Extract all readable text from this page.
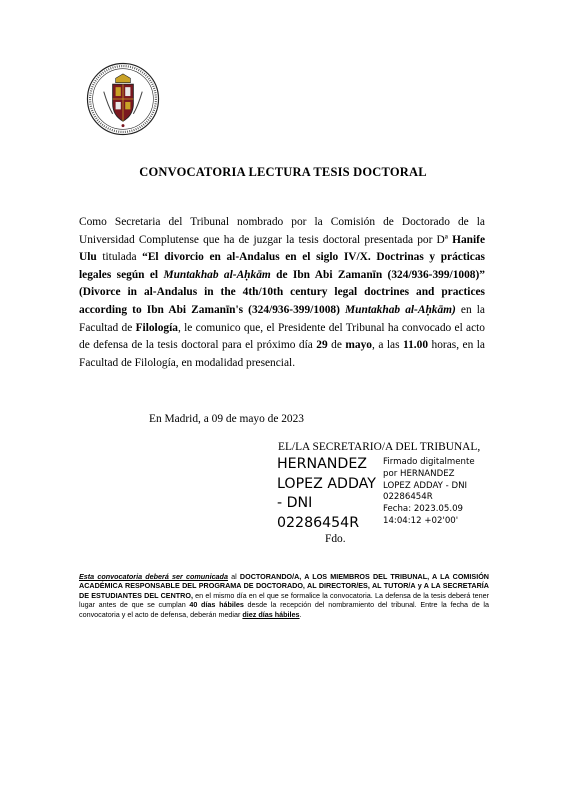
CONVOCATORIA LECTURA TESIS DOCTORAL
Como Secretaria del Tribunal nombrado por la Comisión de Doctorado de la Universidad Complutense que ha de juzgar la tesis doctoral presentada por Dª Hanife Ulu titulada “El divorcio en al-Andalus en el siglo IV/X. Doctrinas y prácticas legales según el Muntakhab al-Aḥkām de Ibn Abi Zamanīn (324/936-399/1008)” (Divorce in al-Andalus in the 4th/10th century legal doctrines and practices according to Ibn Abi Zamanīn's (324/936-399/1008) Muntakhab al-Aḥkām) en la Facultad de Filología, le comunico que, el Presidente del Tribunal ha convocado el acto de defensa de la tesis doctoral para el próximo día 29 de mayo, a las 11.00 horas, en la Facultad de Filología, en modalidad presencial.
En Madrid, a 09 de mayo de 2023
EL/LA SECRETARIO/A DEL TRIBUNAL,
HERNANDEZ
LOPEZ ADDAY
- DNI
02286454R
Firmado digitalmente
por HERNANDEZ
LOPEZ ADDAY - DNI
02286454R
Fecha: 2023.05.09
14:04:12 +02'00'
Fdo.
Esta convocatoria deberá ser comunicada al DOCTORANDO/A, A LOS MIEMBROS DEL TRIBUNAL, A LA COMISIÓN ACADÉMICA RESPONSABLE DEL PROGRAMA DE DOCTORADO, AL DIRECTOR/ES, AL TUTOR/A y A LA SECRETARÍA DE ESTUDIANTES DEL CENTRO, en el mismo día en el que se formalice la convocatoria. La defensa de la tesis deberá tener lugar antes de que se cumplan 40 días hábiles desde la recepción del nombramiento del tribunal. Entre la fecha de la convocatoria y el acto de defensa, deberán mediar diez días hábiles.
